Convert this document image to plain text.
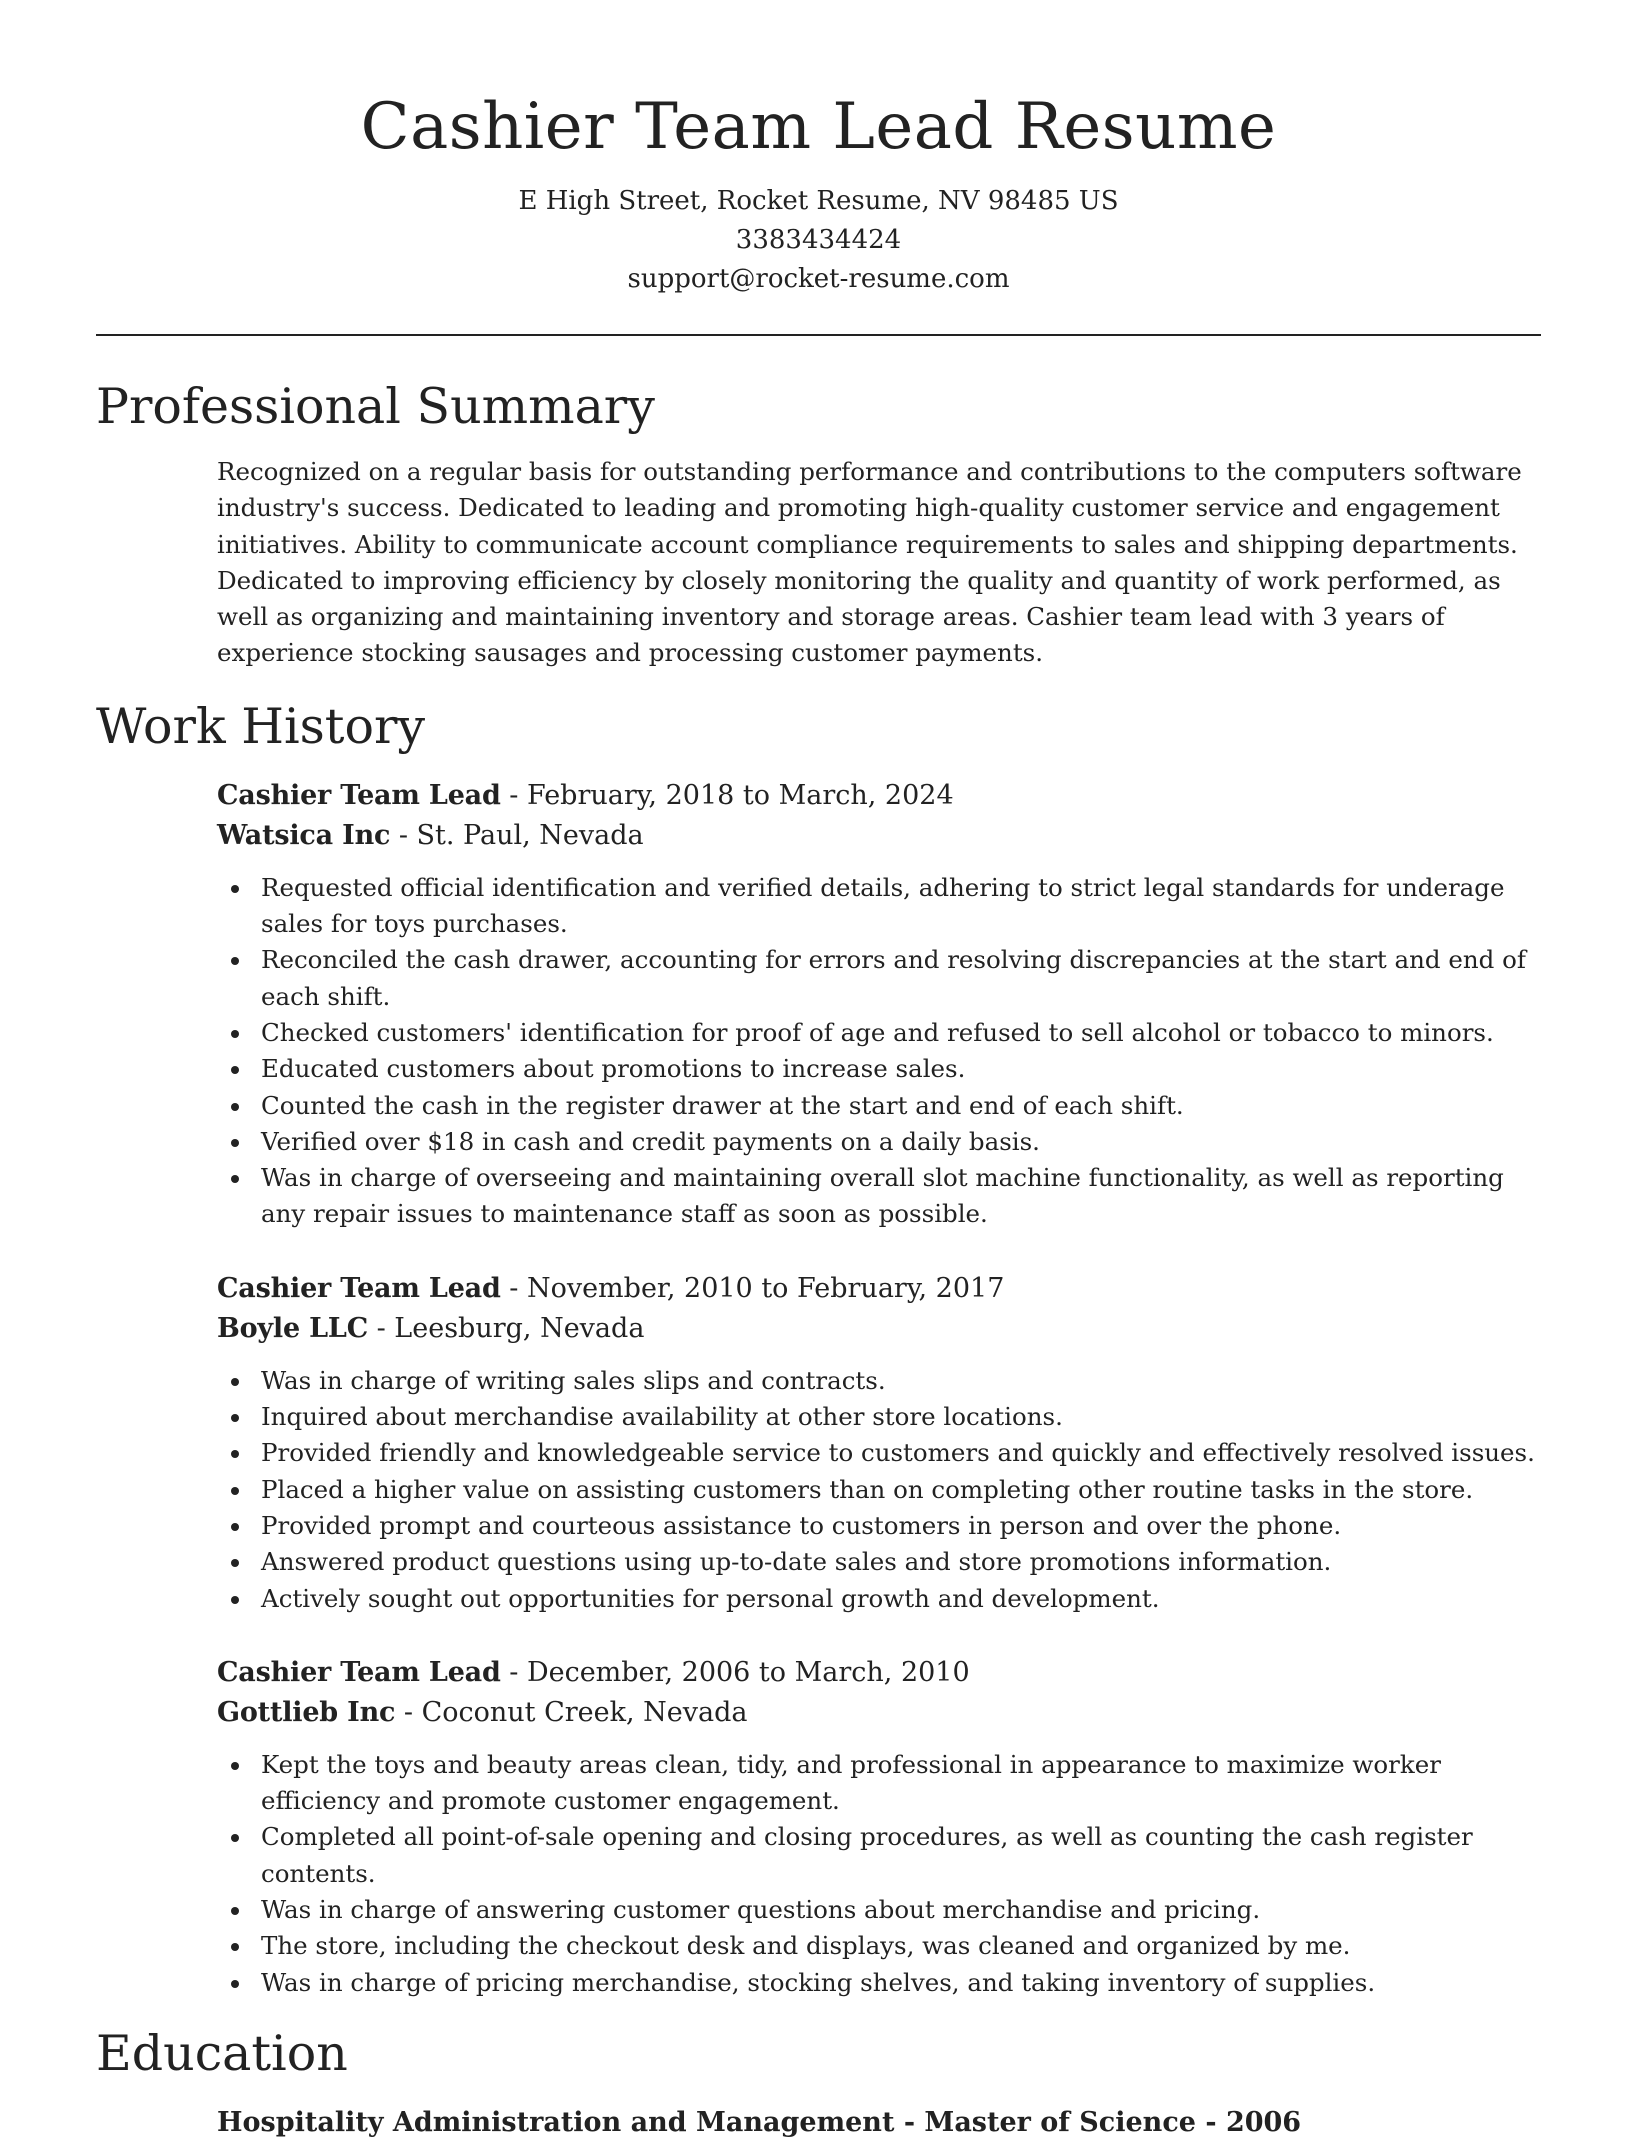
Cashier Team Lead Resume
E High Street, Rocket Resume, NV 98485 US
3383434424
support@rocket-resume.com
Professional Summary

Recognized on a regular basis for outstanding performance and contributions to the computers software industry's success. Dedicated to leading and promoting high-quality customer service and engagement initiatives. Ability to communicate account compliance requirements to sales and shipping departments. Dedicated to improving efficiency by closely monitoring the quality and quantity of work performed, as well as organizing and maintaining inventory and storage areas. Cashier team lead with 3 years of experience stocking sausages and processing customer payments.

Work History
Cashier Team Lead - February, 2018 to March, 2024
Watsica Inc - St. Paul, Nevada
Requested official identification and verified details, adhering to strict legal standards for underage sales for toys purchases.
Reconciled the cash drawer, accounting for errors and resolving discrepancies at the start and end of each shift.
Checked customers' identification for proof of age and refused to sell alcohol or tobacco to minors.
Educated customers about promotions to increase sales.
Counted the cash in the register drawer at the start and end of each shift.
Verified over $18 in cash and credit payments on a daily basis.
Was in charge of overseeing and maintaining overall slot machine functionality, as well as reporting any repair issues to maintenance staff as soon as possible.
Cashier Team Lead - November, 2010 to February, 2017
Boyle LLC - Leesburg, Nevada
Was in charge of writing sales slips and contracts.
Inquired about merchandise availability at other store locations.
Provided friendly and knowledgeable service to customers and quickly and effectively resolved issues.
Placed a higher value on assisting customers than on completing other routine tasks in the store.
Provided prompt and courteous assistance to customers in person and over the phone.
Answered product questions using up-to-date sales and store promotions information.
Actively sought out opportunities for personal growth and development.
Cashier Team Lead - December, 2006 to March, 2010
Gottlieb Inc - Coconut Creek, Nevada
Kept the toys and beauty areas clean, tidy, and professional in appearance to maximize worker efficiency and promote customer engagement.
Completed all point-of-sale opening and closing procedures, as well as counting the cash register contents.
Was in charge of answering customer questions about merchandise and pricing.
The store, including the checkout desk and displays, was cleaned and organized by me.
Was in charge of pricing merchandise, stocking shelves, and taking inventory of supplies.
Education
Hospitality Administration and Management - Master of Science - 2006
